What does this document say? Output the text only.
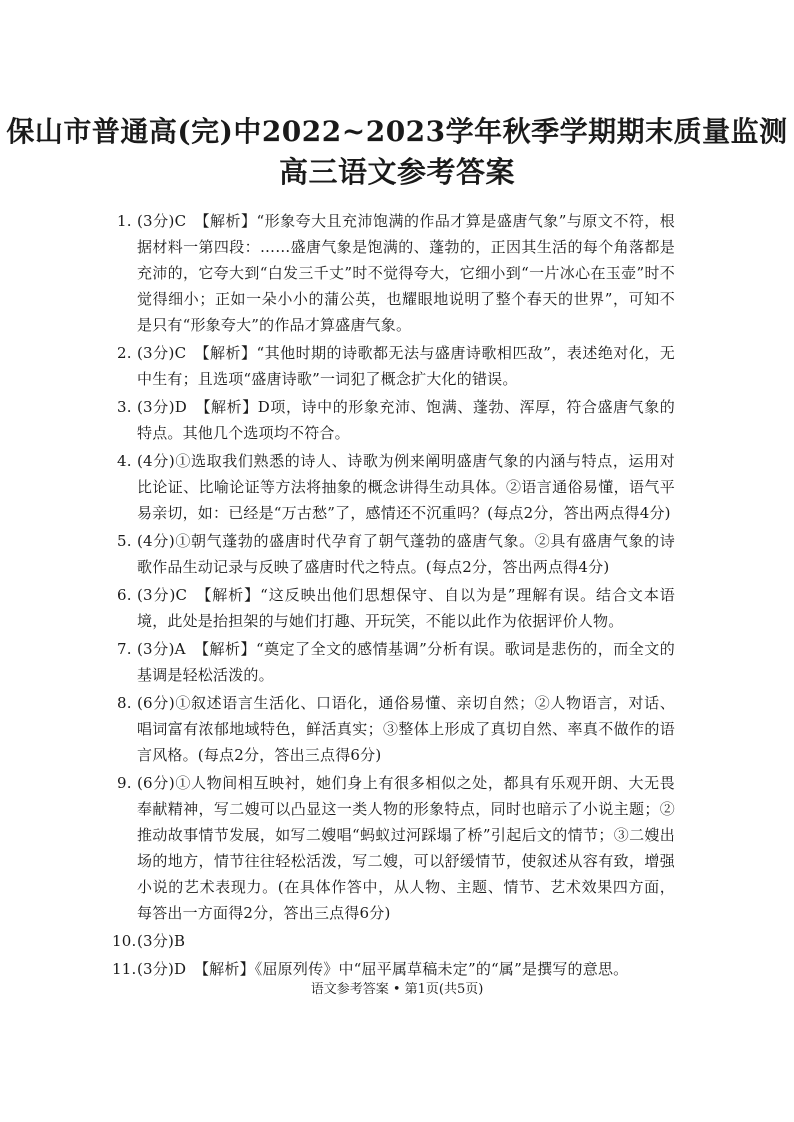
保山市普通高(完)中2022~2023学年秋季学期期末质量监测
高三语文参考答案
1. (3分)C　【解析】“形象夸大且充沛饱满的作品才算是盛唐气象”与原文不符，根据材料一第四段：……盛唐气象是饱满的、蓬勃的，正因其生活的每个角落都是充沛的，它夸大到“白发三千丈”时不觉得夸大，它细小到“一片冰心在玉壶”时不觉得细小；正如一朵小小的蒲公英，也耀眼地说明了整个春天的世界”，可知不是只有“形象夸大”的作品才算盛唐气象。
2. (3分)C　【解析】“其他时期的诗歌都无法与盛唐诗歌相匹敌”，表述绝对化，无中生有；且选项“盛唐诗歌”一词犯了概念扩大化的错误。
3. (3分)D　【解析】D项，诗中的形象充沛、饱满、蓬勃、浑厚，符合盛唐气象的特点。其他几个选项均不符合。
4. (4分)①选取我们熟悉的诗人、诗歌为例来阐明盛唐气象的内涵与特点，运用对比论证、比喻论证等方法将抽象的概念讲得生动具体。②语言通俗易懂，语气平易亲切，如：已经是“万古愁”了，感情还不沉重吗？(每点2分，答出两点得4分)
5. (4分)①朝气蓬勃的盛唐时代孕育了朝气蓬勃的盛唐气象。②具有盛唐气象的诗歌作品生动记录与反映了盛唐时代之特点。(每点2分，答出两点得4分)
6. (3分)C　【解析】“这反映出他们思想保守、自以为是”理解有误。结合文本语境，此处是抬担架的与她们打趣、开玩笑，不能以此作为依据评价人物。
7. (3分)A　【解析】“奠定了全文的感情基调”分析有误。歌词是悲伤的，而全文的基调是轻松活泼的。
8. (6分)①叙述语言生活化、口语化，通俗易懂、亲切自然；②人物语言，对话、唱词富有浓郁地域特色，鲜活真实；③整体上形成了真切自然、率真不做作的语言风格。(每点2分，答出三点得6分)
9. (6分)①人物间相互映衬，她们身上有很多相似之处，都具有乐观开朗、大无畏奉献精神，写二嫂可以凸显这一类人物的形象特点，同时也暗示了小说主题；②推动故事情节发展，如写二嫂唱“蚂蚁过河踩塌了桥”引起后文的情节；③二嫂出场的地方，情节往往轻松活泼，写二嫂，可以舒缓情节，使叙述从容有致，增强小说的艺术表现力。(在具体作答中，从人物、主题、情节、艺术效果四方面，每答出一方面得2分，答出三点得6分)
10. (3分)B
11. (3分)D　【解析】《屈原列传》中“屈平属草稿未定”的“属”是撰写的意思。
语文参考答案 • 第1页(共5页)
